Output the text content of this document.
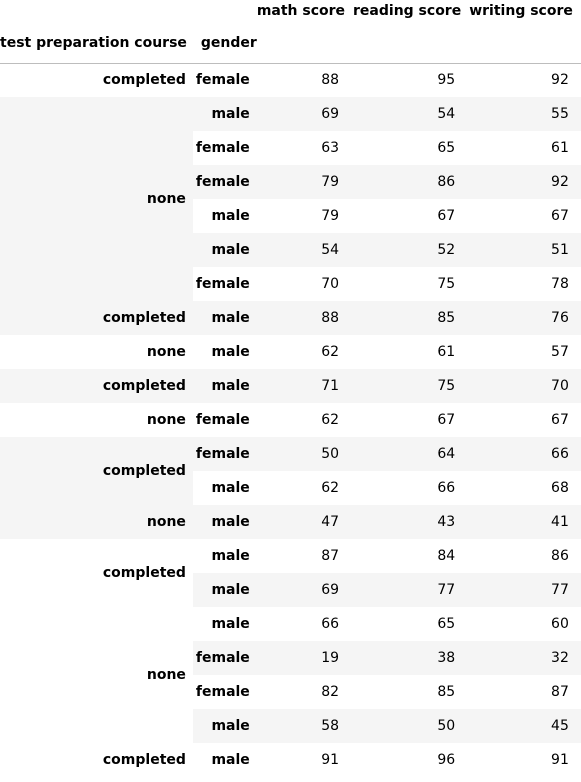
		math score	reading score	writing score
test preparation course	gender			
completed	female	88	95	92
none	male	69	54	55
	female	63	65	61
	female	79	86	92
	male	79	67	67
	male	54	52	51
	female	70	75	78
completed	male	88	85	76
none	male	62	61	57
completed	male	71	75	70
none	female	62	67	67
completed	female	50	64	66
	male	62	66	68
none	male	47	43	41
completed	male	87	84	86
	male	69	77	77
none	male	66	65	60
	female	19	38	32
	female	82	85	87
	male	58	50	45
completed	male	91	96	91
